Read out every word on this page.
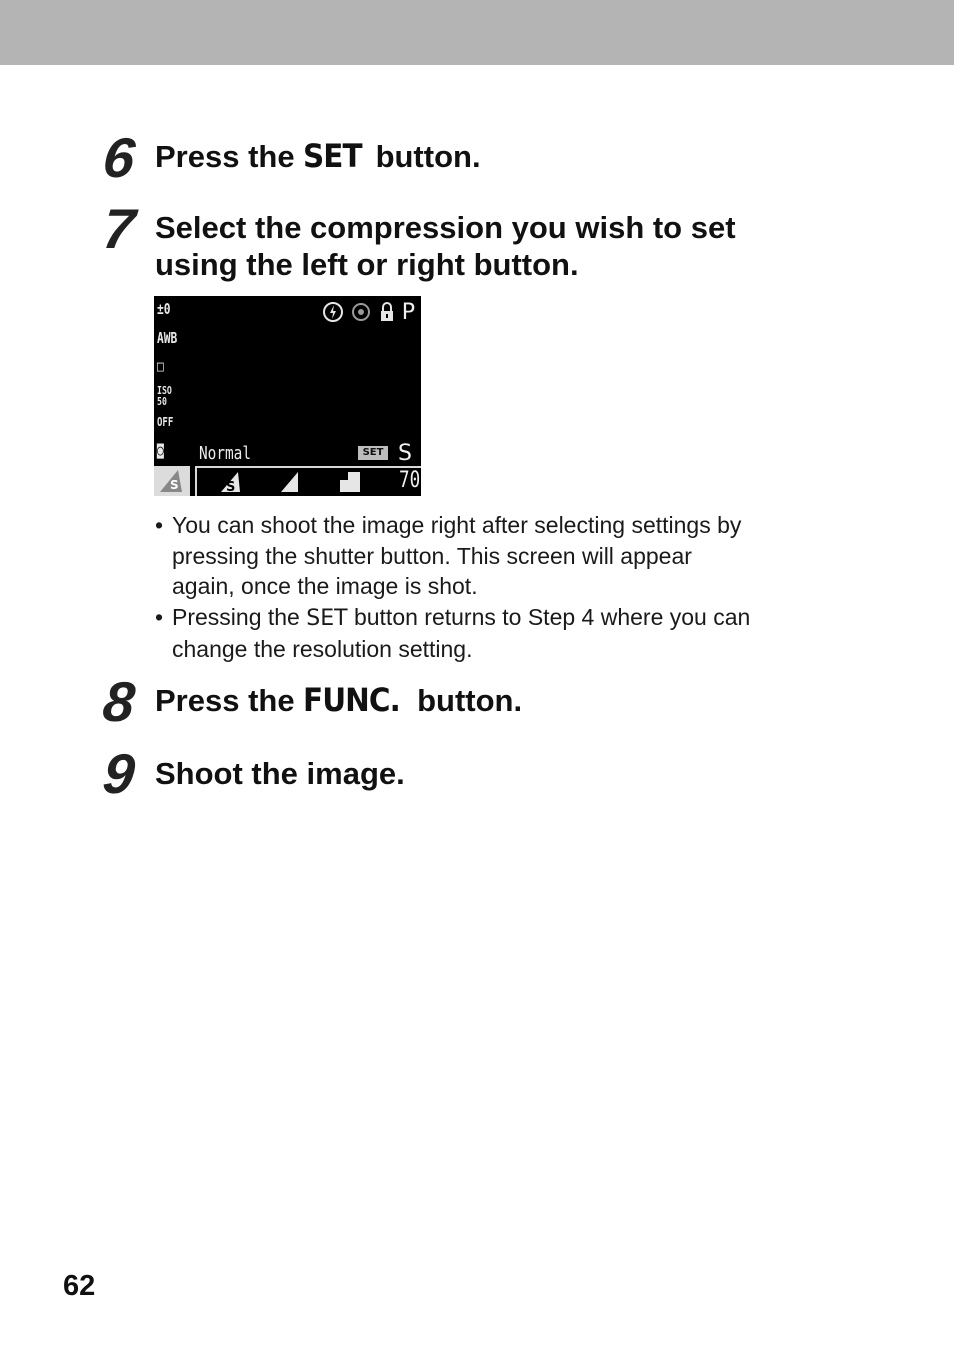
6 Press the SET button.
7 Select the compression you wish to set
using the left or right button.
±0
AWB
□
ISO 50
OFF
◙
P
Normal	SET S
S	S	70
• You can shoot the image right after selecting settings by
pressing the shutter button. This screen will appear
again, once the image is shot.
• Pressing the SET button returns to Step 4 where you can
change the resolution setting.
8 Press the FUNC. button.
9 Shoot the image.
62
